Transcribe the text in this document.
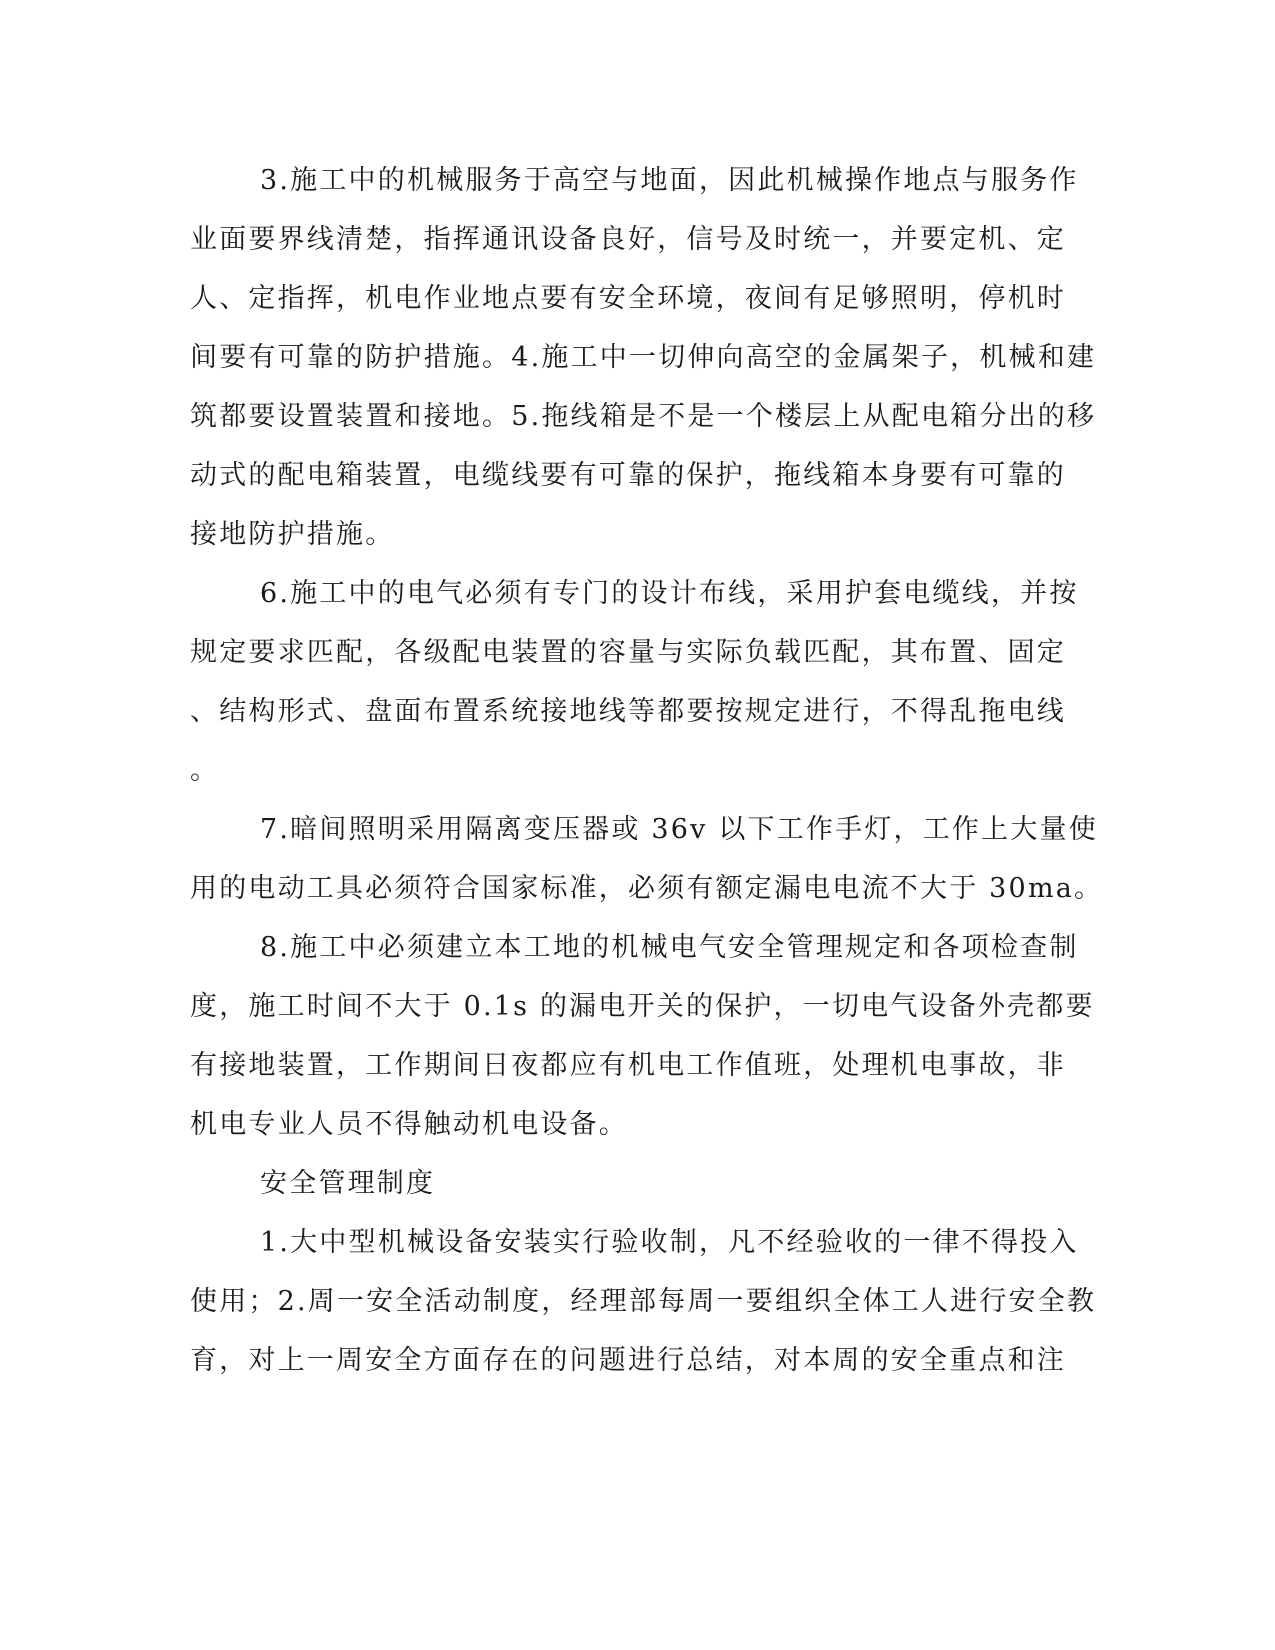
3.施工中的机械服务于高空与地面，因此机械操作地点与服务作

业面要界线清楚，指挥通讯设备良好，信号及时统一，并要定机、定

人、定指挥，机电作业地点要有安全环境，夜间有足够照明，停机时

间要有可靠的防护措施。4.施工中一切伸向高空的金属架子，机械和建

筑都要设置装置和接地。5.拖线箱是不是一个楼层上从配电箱分出的移

动式的配电箱装置，电缆线要有可靠的保护，拖线箱本身要有可靠的

接地防护措施。

6.施工中的电气必须有专门的设计布线，采用护套电缆线，并按

规定要求匹配，各级配电装置的容量与实际负载匹配，其布置、固定

、结构形式、盘面布置系统接地线等都要按规定进行，不得乱拖电线

。

7.暗间照明采用隔离变压器或 36v 以下工作手灯，工作上大量使

用的电动工具必须符合国家标准，必须有额定漏电电流不大于 30ma。

8.施工中必须建立本工地的机械电气安全管理规定和各项检查制

度，施工时间不大于 0.1s 的漏电开关的保护，一切电气设备外壳都要

有接地装置，工作期间日夜都应有机电工作值班，处理机电事故，非

机电专业人员不得触动机电设备。

安全管理制度

1.大中型机械设备安装实行验收制，凡不经验收的一律不得投入

使用；2.周一安全活动制度，经理部每周一要组织全体工人进行安全教

育，对上一周安全方面存在的问题进行总结，对本周的安全重点和注
